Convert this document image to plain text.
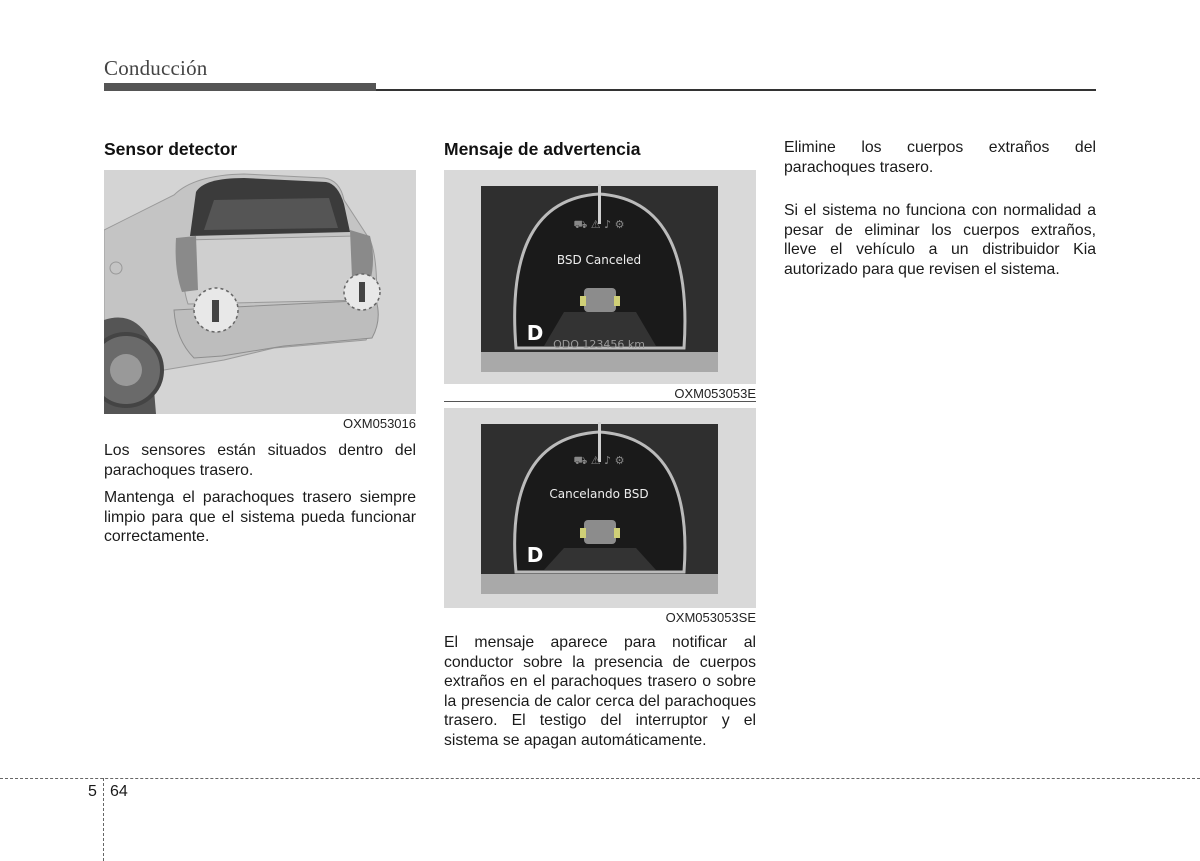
Conducción
Sensor detector
OXM053016

Los sensores están situados dentro del parachoques trasero.

Mantenga el parachoques trasero siempre limpio para que el sistema pueda funcionar correctamente.

Mensaje de advertencia
⛟ ⚠ ♪ ⚙
BSD Canceled
D ODO 123456 km
OXM053053E
⛟ ⚠ ♪ ⚙
Cancelando BSD
D
OXM053053SE

El mensaje aparece para notificar al conductor sobre la presencia de cuerpos extraños en el parachoques trasero o sobre la presencia de calor cerca del parachoques trasero. El testigo del interruptor y el sistema se apagan automáticamente.

Elimine los cuerpos extraños del parachoques trasero.

Si el sistema no funciona con normalidad a pesar de eliminar los cuerpos extraños, lleve el vehículo a un distribuidor Kia autorizado para que revisen el sistema.

5 64
